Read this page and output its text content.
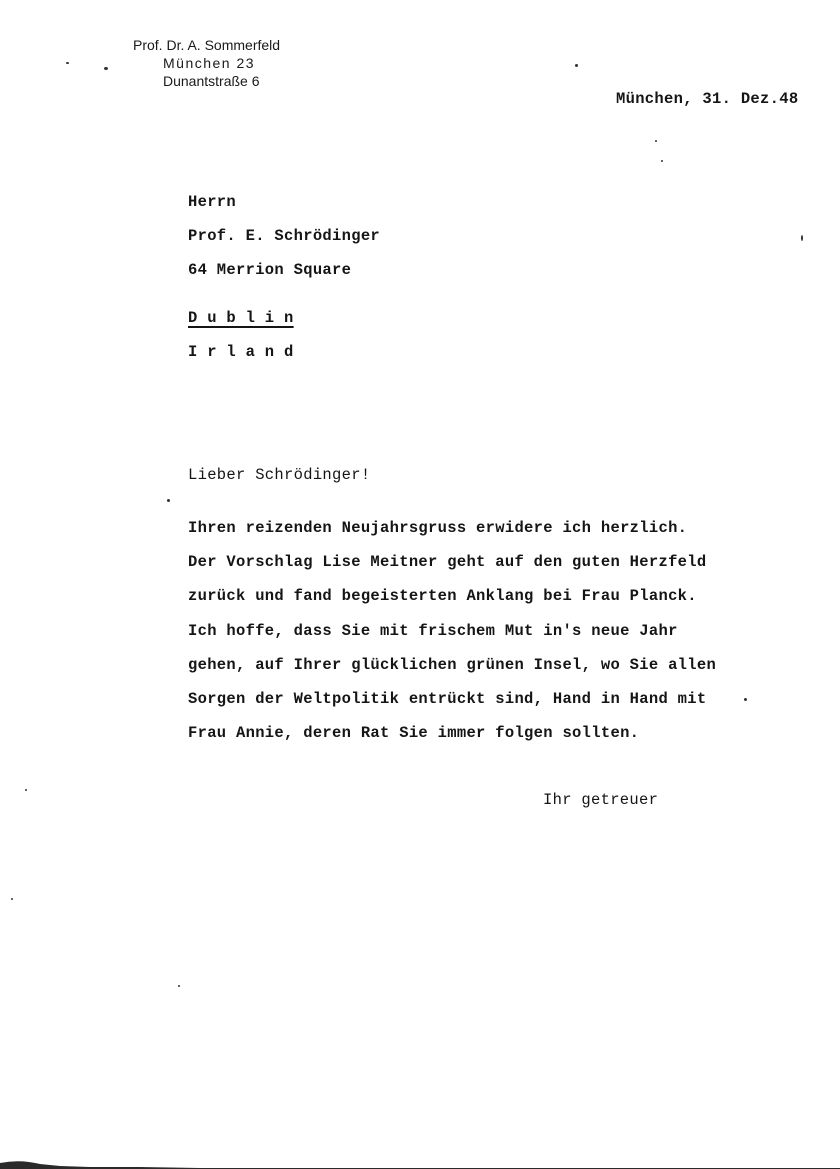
Prof. Dr. A. Sommerfeld
München 23
Dunantstraße 6
München, 31. Dez.48
Herrn
Prof. E. Schrödinger
64 Merrion Square
D u b l i n
I r l a n d
Lieber Schrödinger!
Ihren reizenden Neujahrsgruss erwidere ich herzlich.
Der Vorschlag Lise Meitner geht auf den guten Herzfeld
zurück und fand begeisterten Anklang bei Frau Planck.
Ich hoffe, dass Sie mit frischem Mut in's neue Jahr
gehen, auf Ihrer glücklichen grünen Insel, wo Sie allen
Sorgen der Weltpolitik entrückt sind, Hand in Hand mit
Frau Annie, deren Rat Sie immer folgen sollten.
Ihr getreuer
